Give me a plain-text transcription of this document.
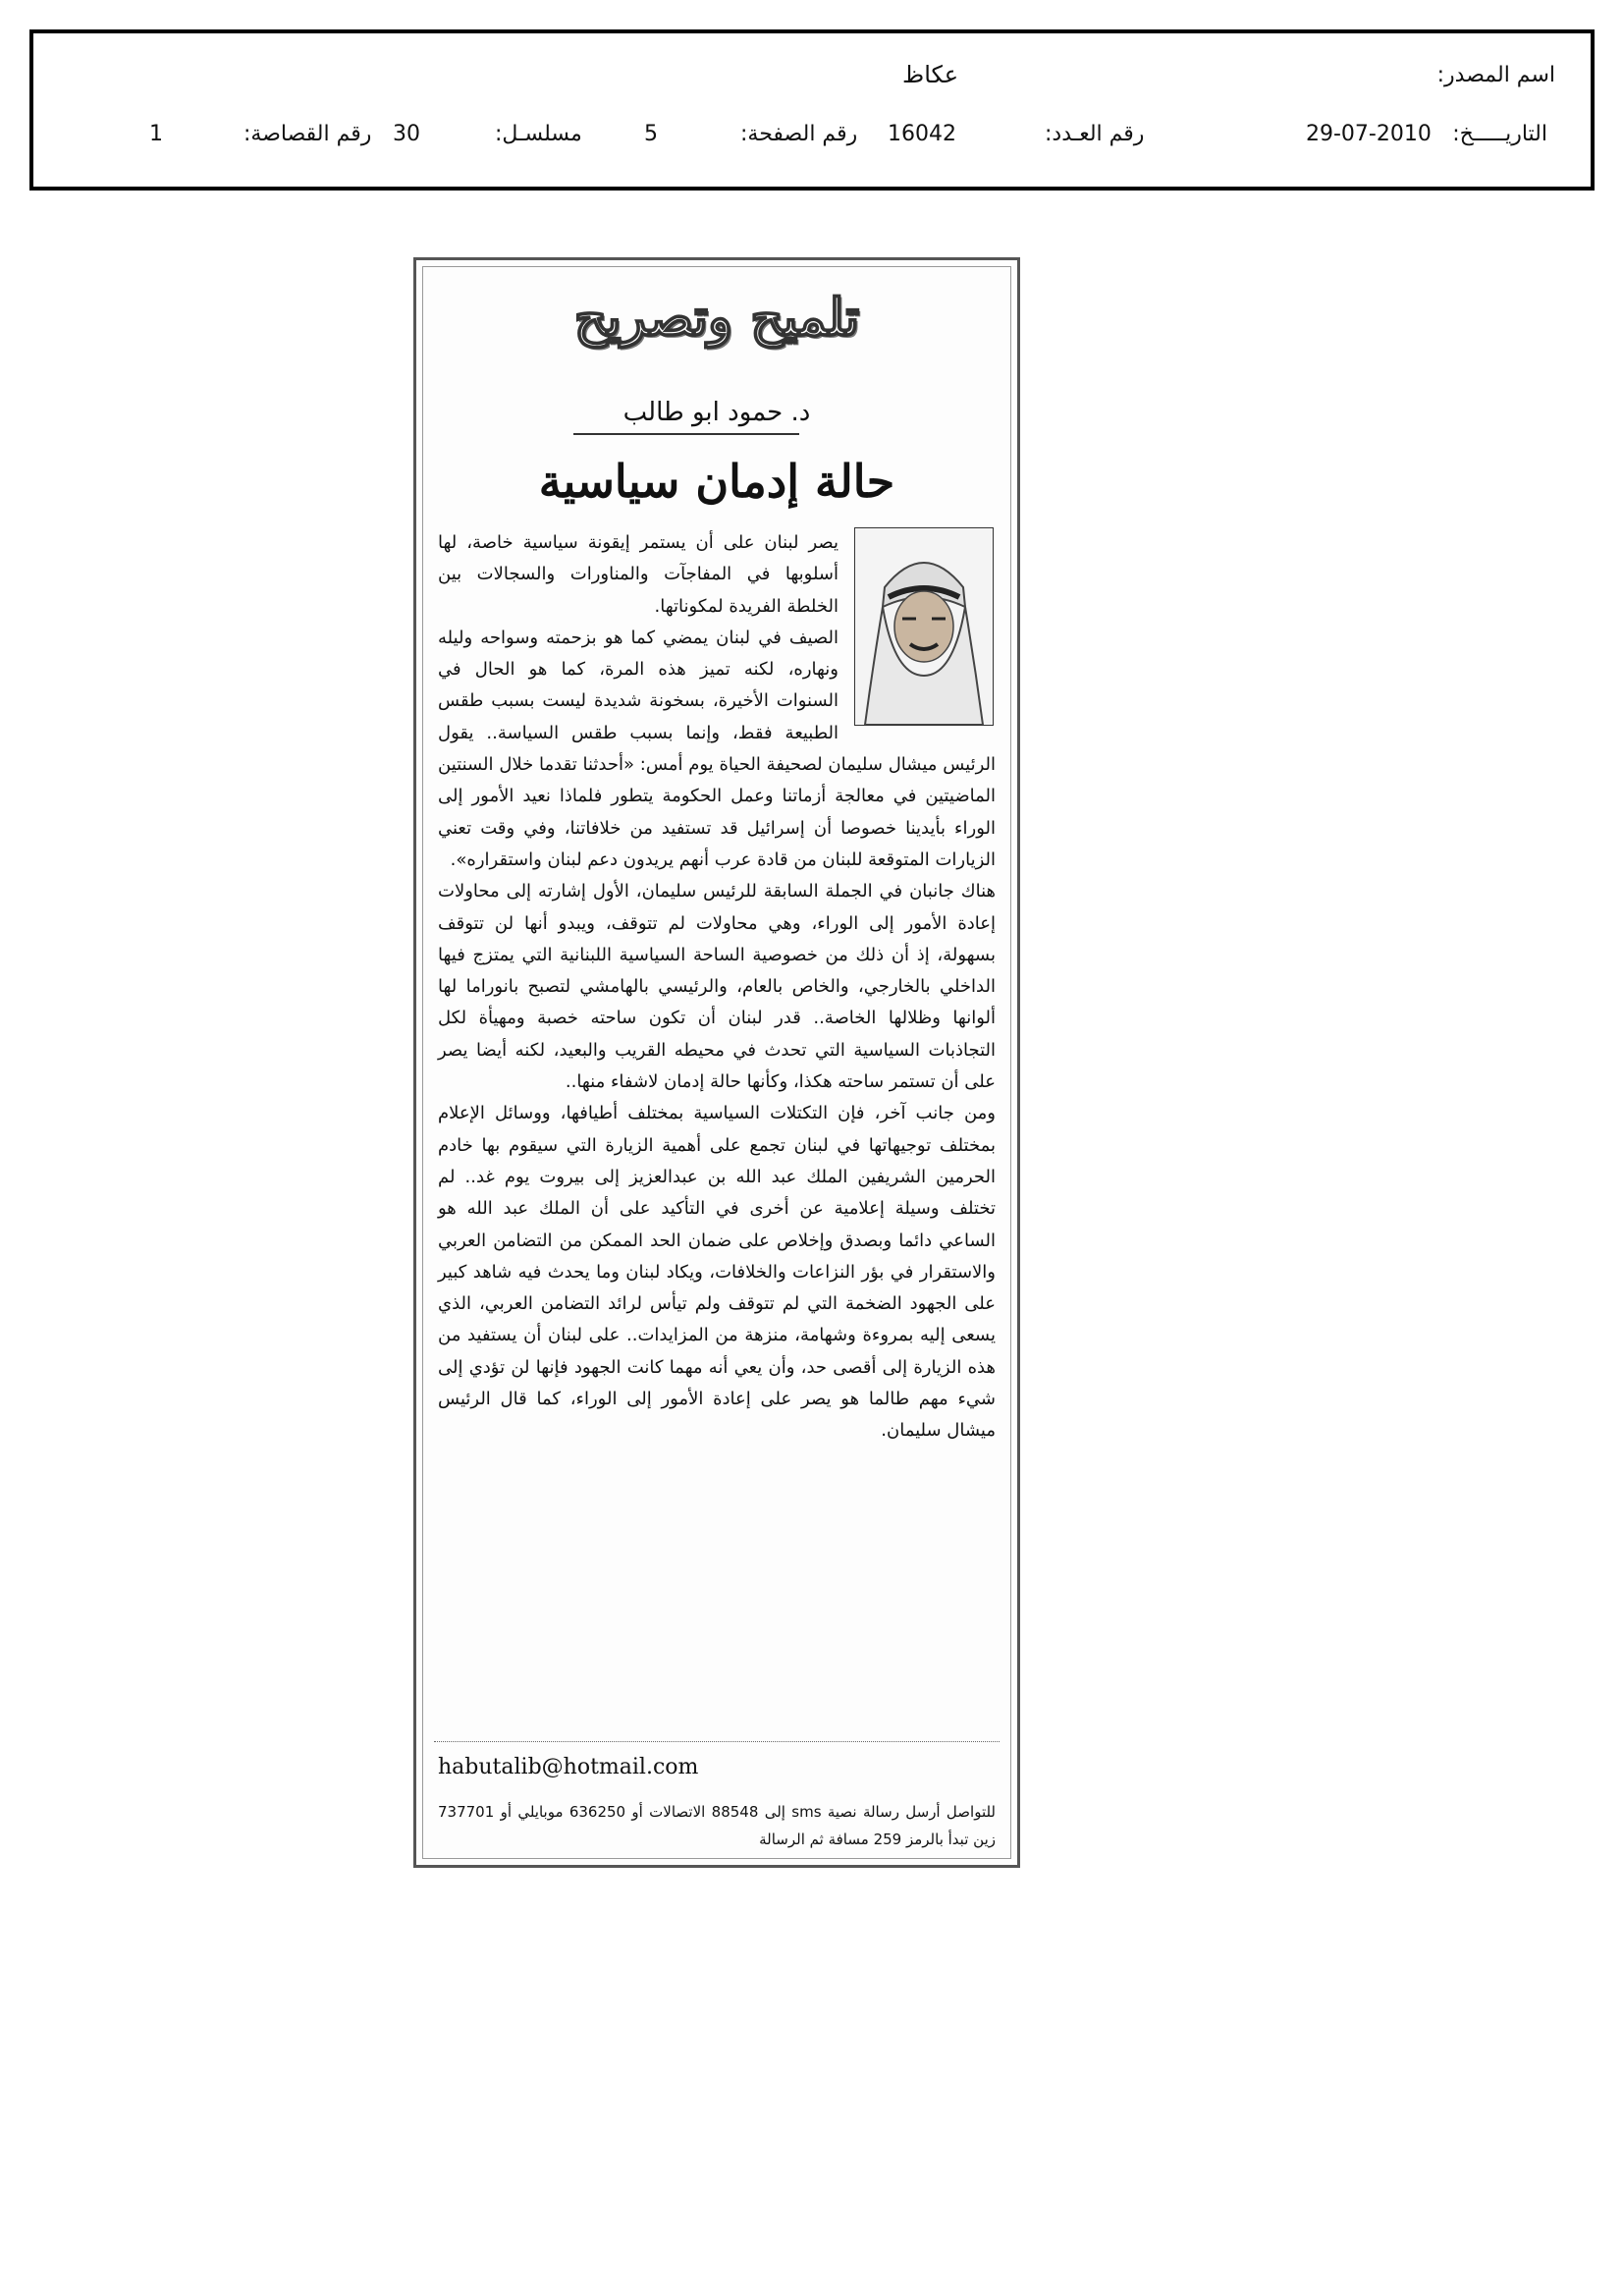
اسم المصدر:
عكاظ
التاريـــــخ:
29-07-2010
رقم العـدد:
16042
رقم الصفحة:
5
مسلسـل:
30
رقم القصاصة:
1
تلميح وتصريح
د. حمود ابو طالب
حالة إدمان سياسية

يصر لبنان على أن يستمر إيقونة سياسية خاصة، لها أسلوبها في المفاجآت والمناورات والسجالات بين الخلطة الفريدة لمكوناتها.

الصيف في لبنان يمضي كما هو بزحمته وسواحه وليله ونهاره، لكنه تميز هذه المرة، كما هو الحال في السنوات الأخيرة، بسخونة شديدة ليست بسبب طقس الطبيعة فقط، وإنما بسبب طقس السياسة.. يقول الرئيس ميشال سليمان لصحيفة الحياة يوم أمس: «أحدثنا تقدما خلال السنتين الماضيتين في معالجة أزماتنا وعمل الحكومة يتطور فلماذا نعيد الأمور إلى الوراء بأيدينا خصوصا أن إسرائيل قد تستفيد من خلافاتنا، وفي وقت تعني الزيارات المتوقعة للبنان من قادة عرب أنهم يريدون دعم لبنان واستقراره».

هناك جانبان في الجملة السابقة للرئيس سليمان، الأول إشارته إلى محاولات إعادة الأمور إلى الوراء، وهي محاولات لم تتوقف، ويبدو أنها لن تتوقف بسهولة، إذ أن ذلك من خصوصية الساحة السياسية اللبنانية التي يمتزج فيها الداخلي بالخارجي، والخاص بالعام، والرئيسي بالهامشي لتصبح بانوراما لها ألوانها وظلالها الخاصة.. قدر لبنان أن تكون ساحته خصبة ومهيأة لكل التجاذبات السياسية التي تحدث في محيطه القريب والبعيد، لكنه أيضا يصر على أن تستمر ساحته هكذا، وكأنها حالة إدمان لاشفاء منها..

ومن جانب آخر، فإن التكتلات السياسية بمختلف أطيافها، ووسائل الإعلام بمختلف توجيهاتها في لبنان تجمع على أهمية الزيارة التي سيقوم بها خادم الحرمين الشريفين الملك عبد الله بن عبدالعزيز إلى بيروت يوم غد.. لم تختلف وسيلة إعلامية عن أخرى في التأكيد على أن الملك عبد الله هو الساعي دائما وبصدق وإخلاص على ضمان الحد الممكن من التضامن العربي والاستقرار في بؤر النزاعات والخلافات، ويكاد لبنان وما يحدث فيه شاهد كبير على الجهود الضخمة التي لم تتوقف ولم تيأس لرائد التضامن العربي، الذي يسعى إليه بمروءة وشهامة، منزهة من المزايدات.. على لبنان أن يستفيد من هذه الزيارة إلى أقصى حد، وأن يعي أنه مهما كانت الجهود فإنها لن تؤدي إلى شيء مهم طالما هو يصر على إعادة الأمور إلى الوراء، كما قال الرئيس ميشال سليمان.

habutalib@hotmail.com
للتواصل أرسل رسالة نصية sms إلى 88548 الاتصالات أو 636250 موبايلي أو 737701 زين تبدأ بالرمز 259 مسافة ثم الرسالة
